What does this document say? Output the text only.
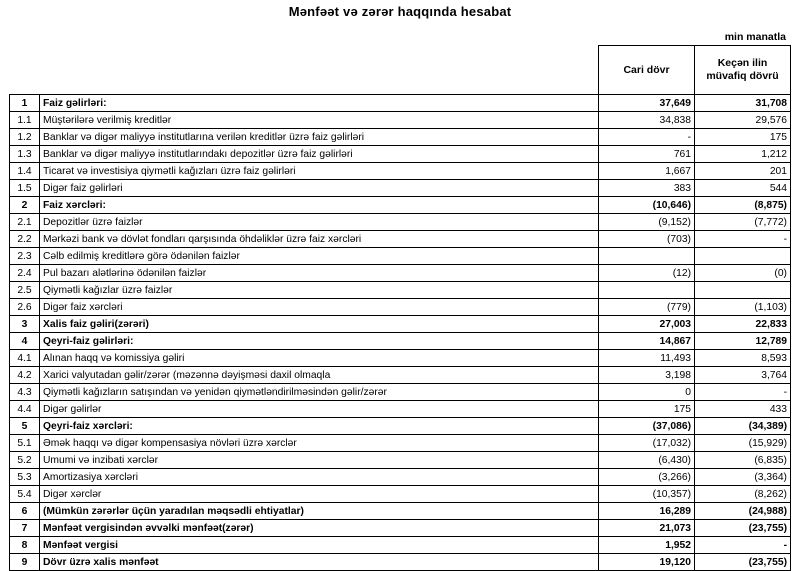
Mənfəət və zərər haqqında hesabat
min manatla
		Cari dövr	Keçən ilin müvafiq dövrü
1	Faiz gəlirləri:	37,649	31,708
1.1	Müştərilərə verilmiş kreditlər	34,838	29,576
1.2	Banklar və digər maliyyə institutlarına verilən kreditlər üzrə faiz gəlirləri	-	175
1.3	Banklar və digər maliyyə institutlarındakı depozitlər üzrə faiz gəlirləri	761	1,212
1.4	Ticarət və investisiya qiymətli kağızları üzrə faiz gəlirləri	1,667	201
1.5	Digər faiz gəlirləri	383	544
2	Faiz xərcləri:	(10,646)	(8,875)
2.1	Depozitlər üzrə faizlər	(9,152)	(7,772)
2.2	Mərkəzi bank və dövlət fondları qarşısında öhdəliklər üzrə faiz xərcləri	(703)	-
2.3	Cəlb edilmiş kreditlərə görə ödənilən faizlər		
2.4	Pul bazarı alətlərinə ödənilən faizlər	(12)	(0)
2.5	Qiymətli kağızlar üzrə faizlər		
2.6	Digər faiz xərcləri	(779)	(1,103)
3	Xalis faiz gəliri(zərəri)	27,003	22,833
4	Qeyri-faiz gəlirləri:	14,867	12,789
4.1	Alınan haqq və komissiya gəliri	11,493	8,593
4.2	Xarici valyutadan gəlir/zərər (məzənnə dəyişməsi daxil olmaqla	3,198	3,764
4.3	Qiymətli kağızların satışından və yenidən qiymətləndirilməsindən gəlir/zərər	0	-
4.4	Digər gəlirlər	175	433
5	Qeyri-faiz xərcləri:	(37,086)	(34,389)
5.1	Əmək haqqı və digər kompensasiya növləri üzrə xərclər	(17,032)	(15,929)
5.2	Umumi və inzibati xərclər	(6,430)	(6,835)
5.3	Amortizasiya xərcləri	(3,266)	(3,364)
5.4	Digər xərclər	(10,357)	(8,262)
6	(Mümkün zərərlər üçün yaradılan məqsədli ehtiyatlar)	16,289	(24,988)
7	Mənfəət vergisindən əvvəlki mənfəət(zərər)	21,073	(23,755)
8	Mənfəət vergisi	1,952	-
9	Dövr üzrə xalis mənfəət	19,120	(23,755)
